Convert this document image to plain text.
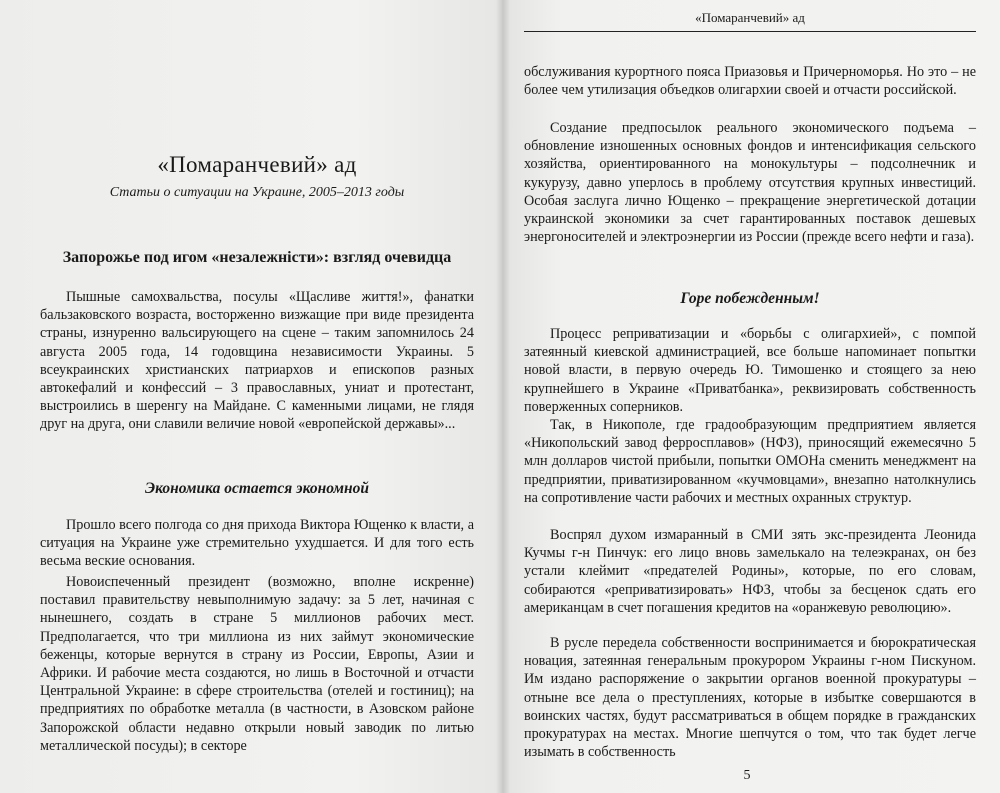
«Помаранчевий» ад
Статьи о ситуации на Украине, 2005–2013 годы
Запорожье под игом «незалежністи»: взгляд очевидца

Пышные самохвальства, посулы «Щасливе життя!», фанатки бальзаковского возраста, восторженно визжащие при виде президента страны, изнуренно вальсирующего на сцене – таким запомнилось 24 августа 2005 года, 14 годовщина независимости Украины. 5 всеукраинских христианских патриархов и епископов разных автокефалий и конфессий – 3 православных, униат и протестант, выстроились в шеренгу на Майдане. С каменными лицами, не глядя друг на друга, они славили величие новой «европейской державы»...

Экономика остается экономной

Прошло всего полгода со дня прихода Виктора Ющенко к власти, а ситуация на Украине уже стремительно ухудшается. И для того есть весьма веские основания.

Новоиспеченный президент (возможно, вполне искренне) поставил правительству невыполнимую задачу: за 5 лет, начиная с нынешнего, создать в стране 5 миллионов рабочих мест. Предполагается, что три миллиона из них займут экономические беженцы, которые вернутся в страну из России, Европы, Азии и Африки. И рабочие места создаются, но лишь в Восточной и отчасти Центральной Украине: в сфере строительства (отелей и гостиниц); на предприятиях по обработке металла (в частности, в Азовском районе Запорожской области недавно открыли новый заводик по литью металлической посуды); в секторе

«Помаранчевий» ад

обслуживания курортного пояса Приазовья и Причерноморья. Но это – не более чем утилизация объедков олигархии своей и отчасти российской.

Создание предпосылок реального экономического подъема – обновление изношенных основных фондов и интенсификация сельского хозяйства, ориентированного на монокультуры – подсолнечник и кукурузу, давно уперлось в проблему отсутствия крупных инвестиций. Особая заслуга лично Ющенко – прекращение энергетической дотации украинской экономики за счет гарантированных поставок дешевых энергоносителей и электроэнергии из России (прежде всего нефти и газа).

Горе побежденным!

Процесс реприватизации и «борьбы с олигархией», с помпой затеянный киевской администрацией, все больше напоминает попытки новой власти, в первую очередь Ю. Тимошенко и стоящего за нею крупнейшего в Украине «Приватбанка», реквизировать собственность поверженных соперников.

Так, в Никополе, где градообразующим предприятием является «Никопольский завод ферросплавов» (НФЗ), приносящий ежемесячно 5 млн долларов чистой прибыли, попытки ОМОНа сменить менеджмент на предприятии, приватизированном «кучмовцами», внезапно натолкнулись на сопротивление части рабочих и местных охранных структур.

Воспрял духом измаранный в СМИ зять экс-президента Леонида Кучмы г-н Пинчук: его лицо вновь замелькало на телеэкранах, он без устали клеймит «предателей Родины», которые, по его словам, собираются «реприватизировать» НФЗ, чтобы за бесценок сдать его американцам в счет погашения кредитов на «оранжевую революцию».

В русле передела собственности воспринимается и бюрократическая новация, затеянная генеральным прокурором Украины г-ном Пискуном. Им издано распоряжение о закрытии органов военной прокуратуры – отныне все дела о преступлениях, которые в избытке совершаются в воинских частях, будут рассматриваться в общем порядке в гражданских прокуратурах на местах. Многие шепчутся о том, что так будет легче изымать в собственность

5
